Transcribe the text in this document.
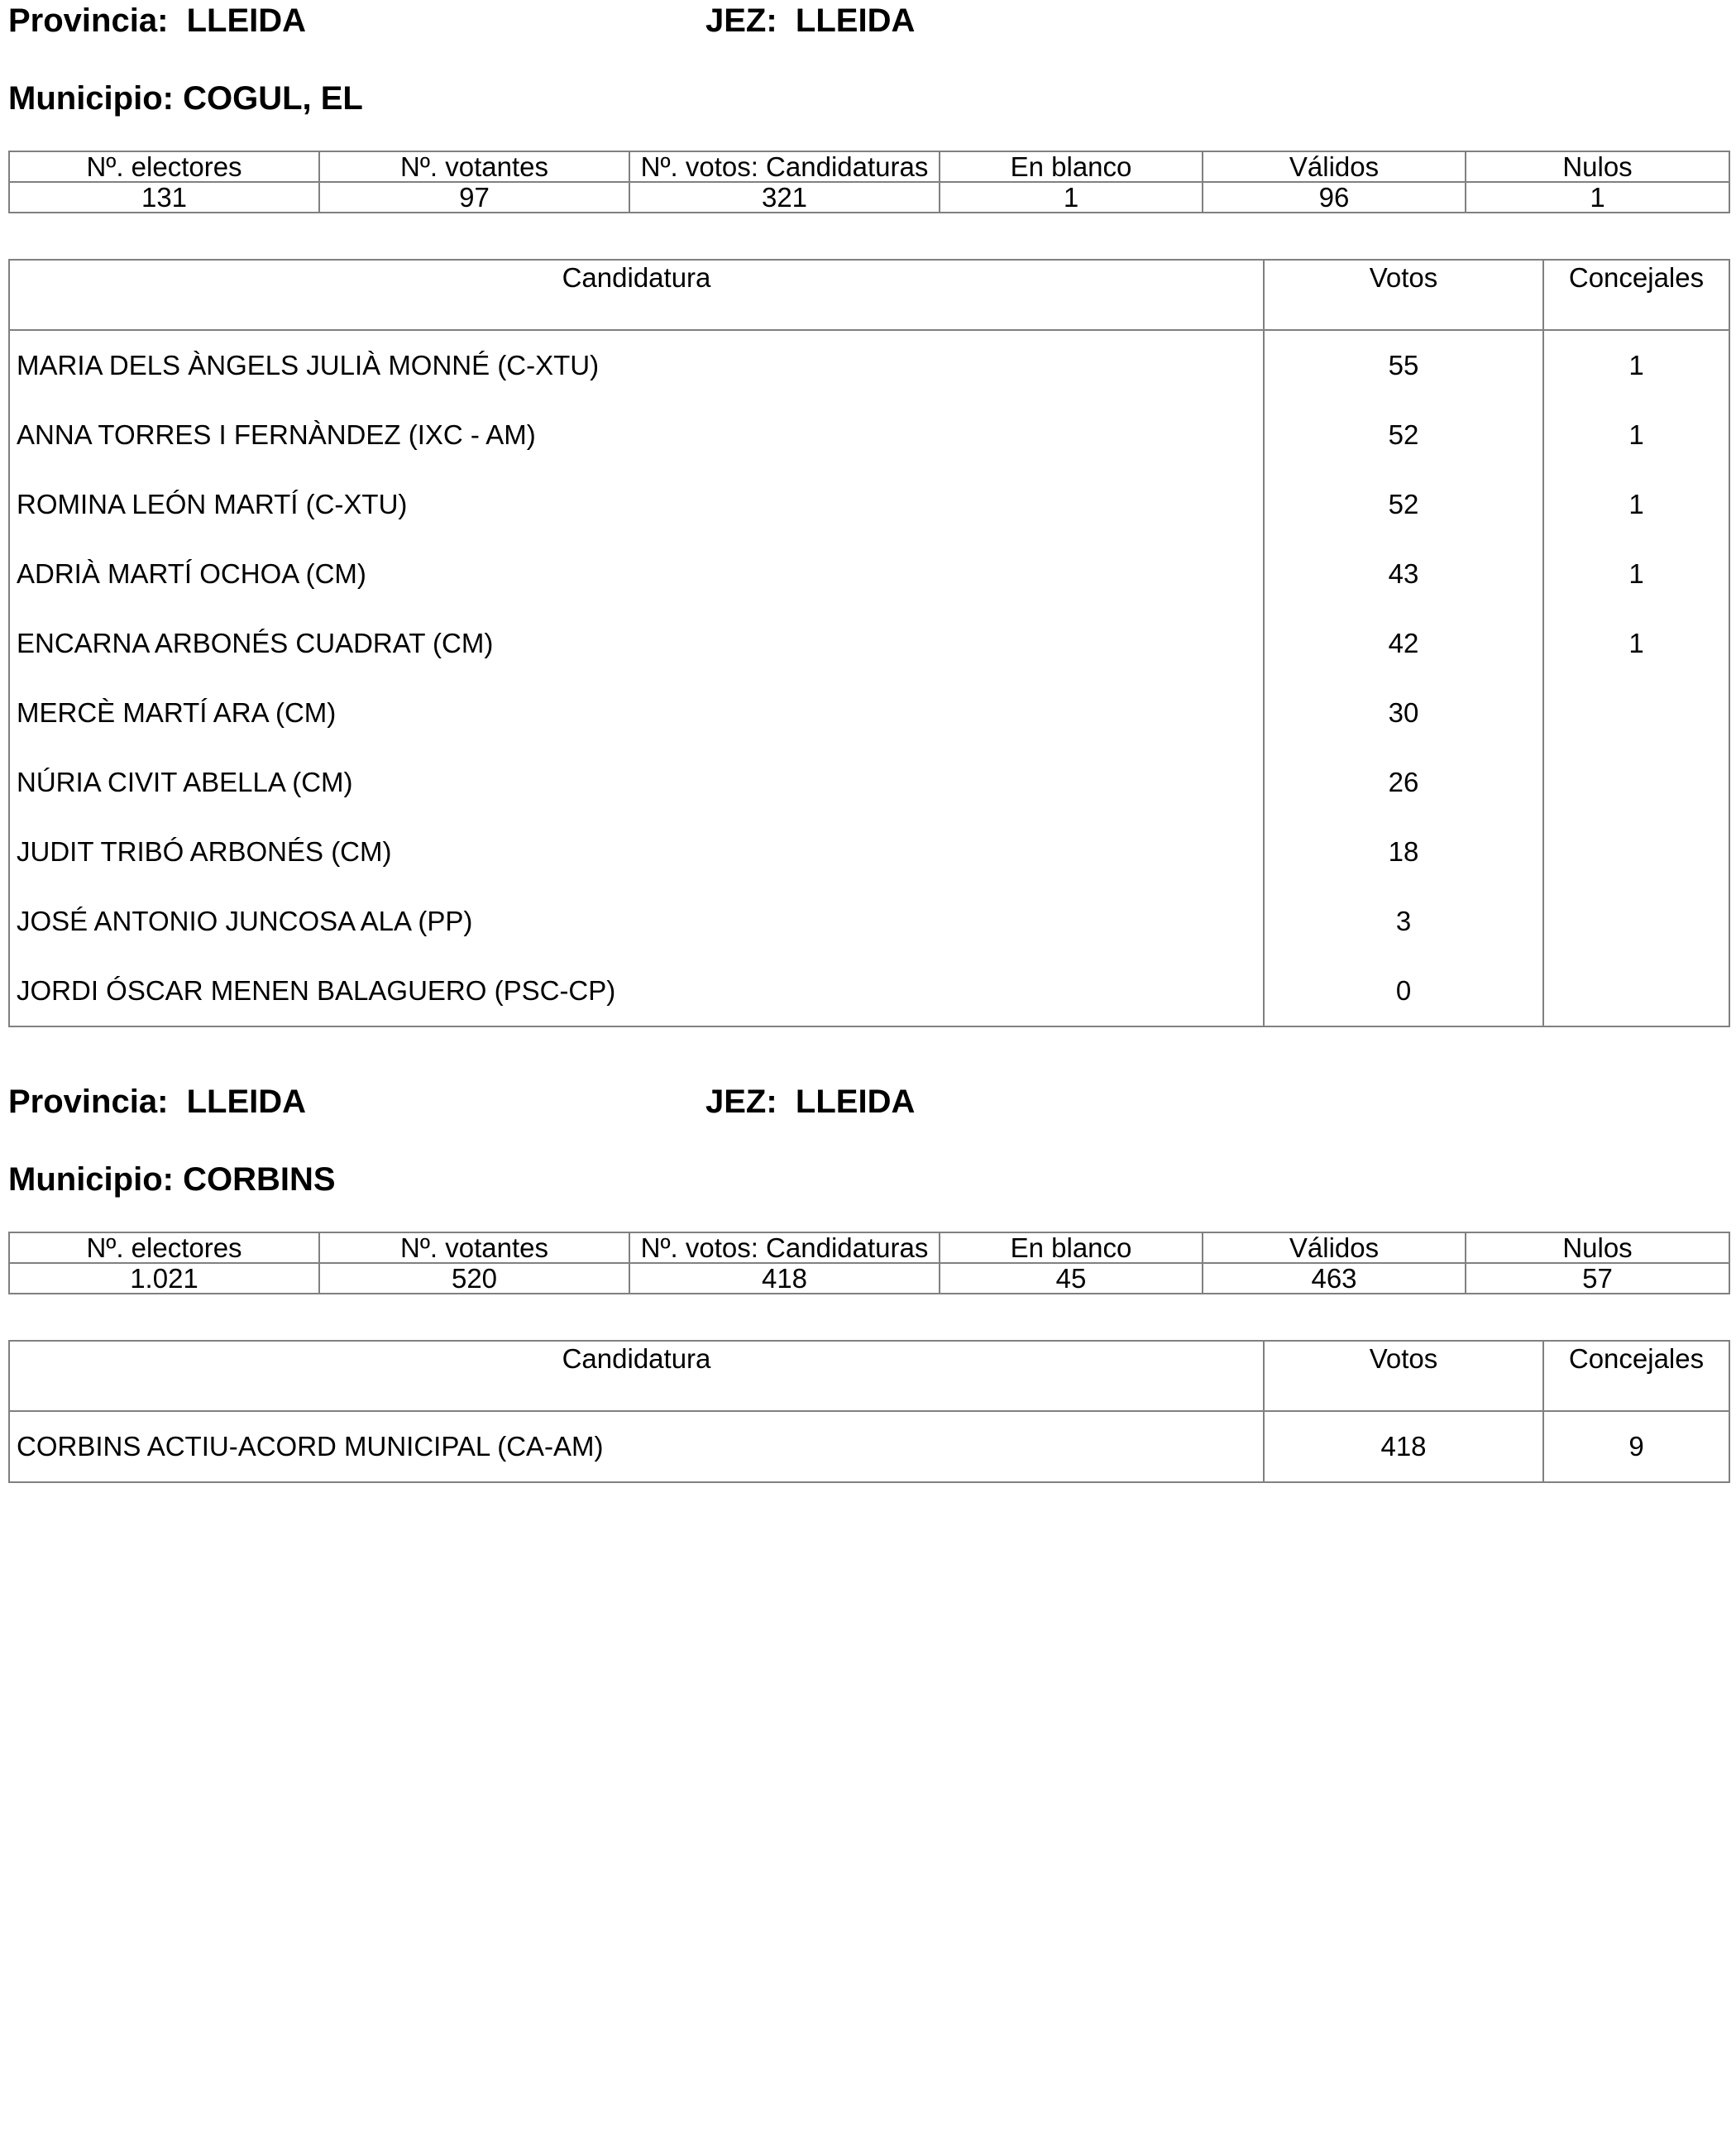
Provincia:  LLEIDA	JEZ:  LLEIDA
Municipio: COGUL, EL
Nº. electores	Nº. votantes	Nº. votos: Candidaturas	En blanco	Válidos	Nulos
131	97	321	1	96	1
Candidatura	Votos	Concejales
MARIA DELS ÀNGELS JULIÀ MONNÉ (C-XTU)	55	1
ANNA TORRES I FERNÀNDEZ (IXC - AM)	52	1
ROMINA LEÓN MARTÍ (C-XTU)	52	1
ADRIÀ MARTÍ OCHOA (CM)	43	1
ENCARNA ARBONÉS CUADRAT (CM)	42	1
MERCÈ MARTÍ ARA (CM)	30	
NÚRIA CIVIT ABELLA (CM)	26	
JUDIT TRIBÓ ARBONÉS (CM)	18	
JOSÉ ANTONIO JUNCOSA ALA (PP)	3	
JORDI ÓSCAR MENEN BALAGUERO (PSC-CP)	0	
Provincia:  LLEIDA	JEZ:  LLEIDA
Municipio: CORBINS
Nº. electores	Nº. votantes	Nº. votos: Candidaturas	En blanco	Válidos	Nulos
1.021	520	418	45	463	57
Candidatura	Votos	Concejales
CORBINS ACTIU-ACORD MUNICIPAL (CA-AM)	418	9
